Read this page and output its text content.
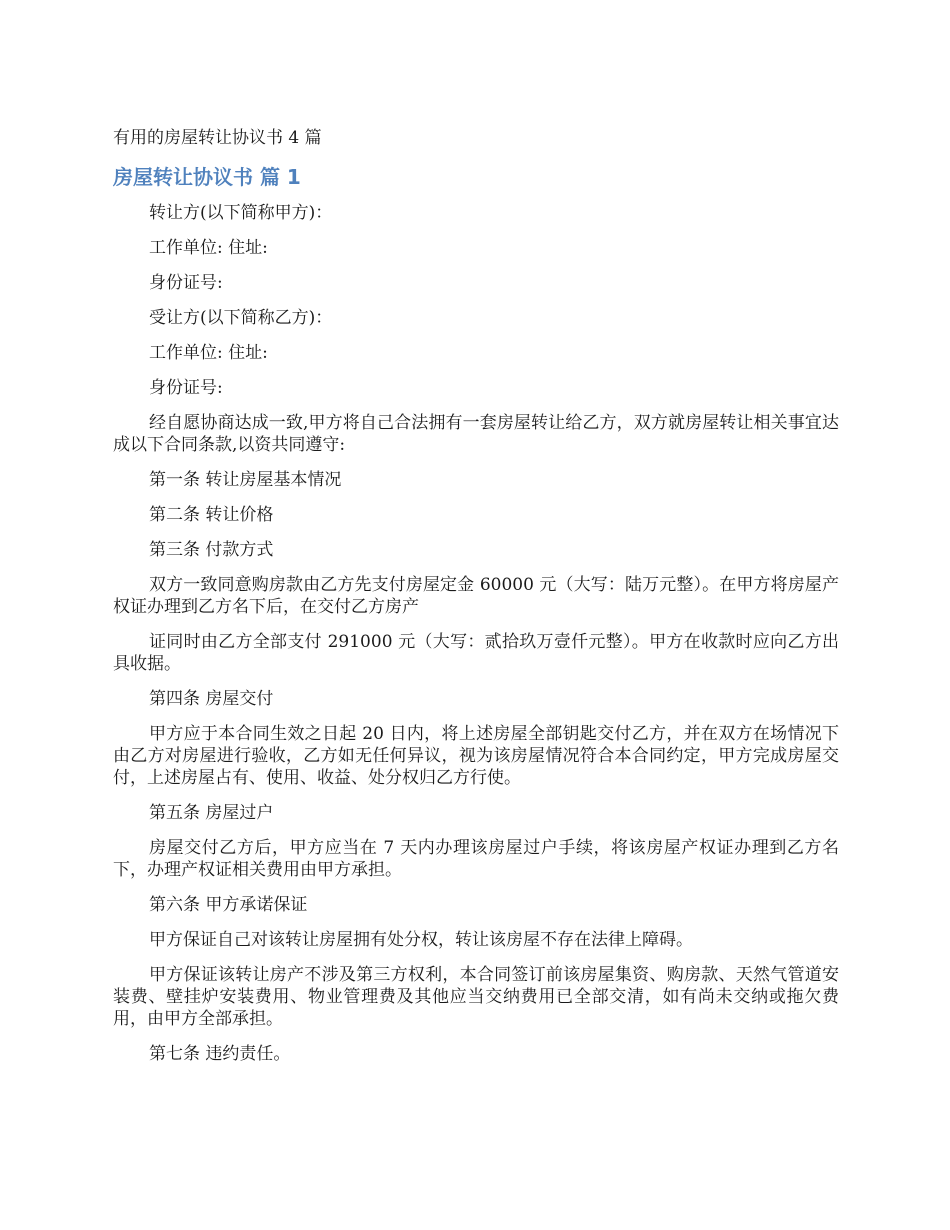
有用的房屋转让协议书 4 篇

房屋转让协议书 篇 1

转让方(以下简称甲方)：

工作单位: 住址:

身份证号:

受让方(以下简称乙方)：

工作单位: 住址:

身份证号:

经自愿协商达成一致,甲方将自己合法拥有一套房屋转让给乙方，双方就房屋转让相关事宜达成以下合同条款,以资共同遵守:

第一条 转让房屋基本情况

第二条 转让价格

第三条 付款方式

双方一致同意购房款由乙方先支付房屋定金 60000 元（大写：陆万元整）。在甲方将房屋产权证办理到乙方名下后，在交付乙方房产

证同时由乙方全部支付 291000 元（大写：贰拾玖万壹仟元整）。甲方在收款时应向乙方出具收据。

第四条 房屋交付

甲方应于本合同生效之日起 20 日内，将上述房屋全部钥匙交付乙方，并在双方在场情况下由乙方对房屋进行验收，乙方如无任何异议，视为该房屋情况符合本合同约定，甲方完成房屋交付，上述房屋占有、使用、收益、处分权归乙方行使。

第五条 房屋过户

房屋交付乙方后，甲方应当在 7 天内办理该房屋过户手续，将该房屋产权证办理到乙方名下，办理产权证相关费用由甲方承担。

第六条 甲方承诺保证

甲方保证自己对该转让房屋拥有处分权，转让该房屋不存在法律上障碍。

甲方保证该转让房产不涉及第三方权利，本合同签订前该房屋集资、购房款、天然气管道安装费、壁挂炉安装费用、物业管理费及其他应当交纳费用已全部交清，如有尚未交纳或拖欠费用，由甲方全部承担。

第七条 违约责任。
